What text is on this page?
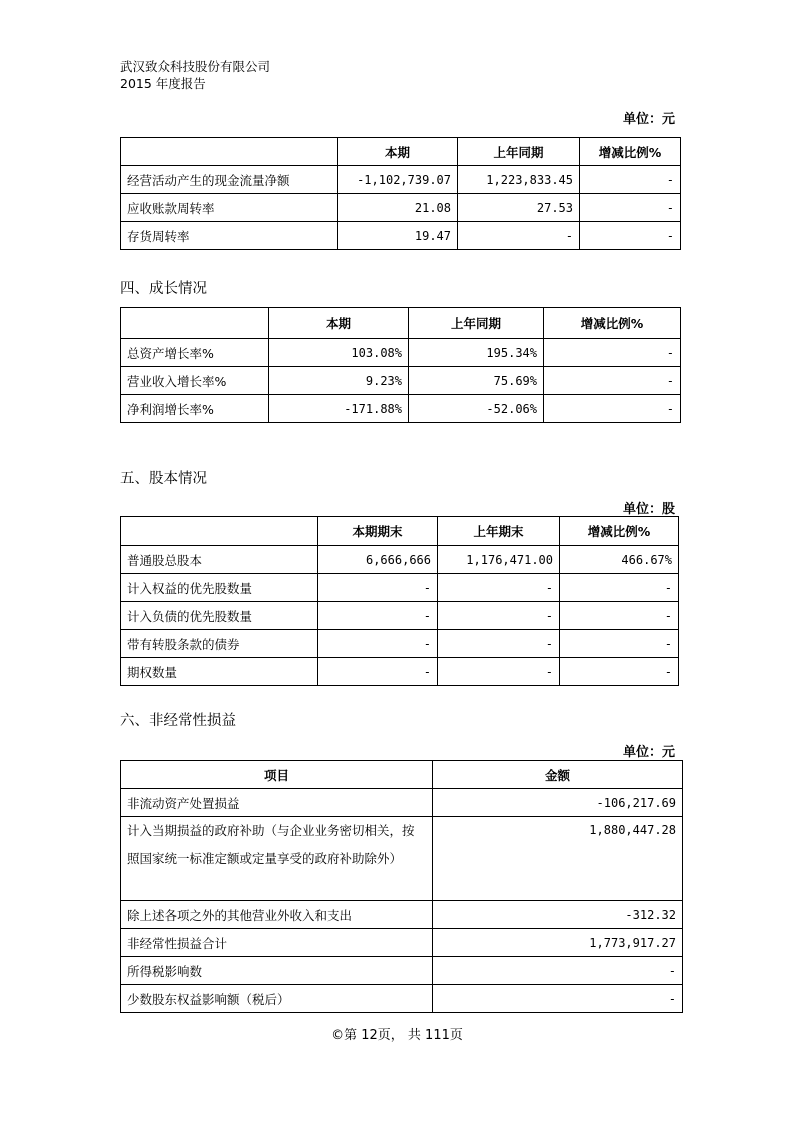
武汉致众科技股份有限公司
2015 年度报告
单位：元
	本期	上年同期	增减比例%
经营活动产生的现金流量净额	-1,102,739.07	1,223,833.45	-
应收账款周转率	21.08	27.53	-
存货周转率	19.47	-	-
四、成长情况
	本期	上年同期	增减比例%
总资产增长率%	103.08%	195.34%	-
营业收入增长率%	9.23%	75.69%	-
净利润增长率%	-171.88%	-52.06%	-
五、股本情况
单位：股
	本期期末	上年期末	增减比例%
普通股总股本	6,666,666	1,176,471.00	466.67%
计入权益的优先股数量	-	-	-
计入负债的优先股数量	-	-	-
带有转股条款的债券	-	-	-
期权数量	-	-	-
六、非经常性损益
单位：元
项目	金额
非流动资产处置损益	-106,217.69
计入当期损益的政府补助（与企业业务密切相关，按照国家统一标准定额或定量享受的政府补助除外）	1,880,447.28
除上述各项之外的其他营业外收入和支出	-312.32
非经常性损益合计	1,773,917.27
所得税影响数	-
少数股东权益影响额（税后）	-
©第 12页， 共 111页
